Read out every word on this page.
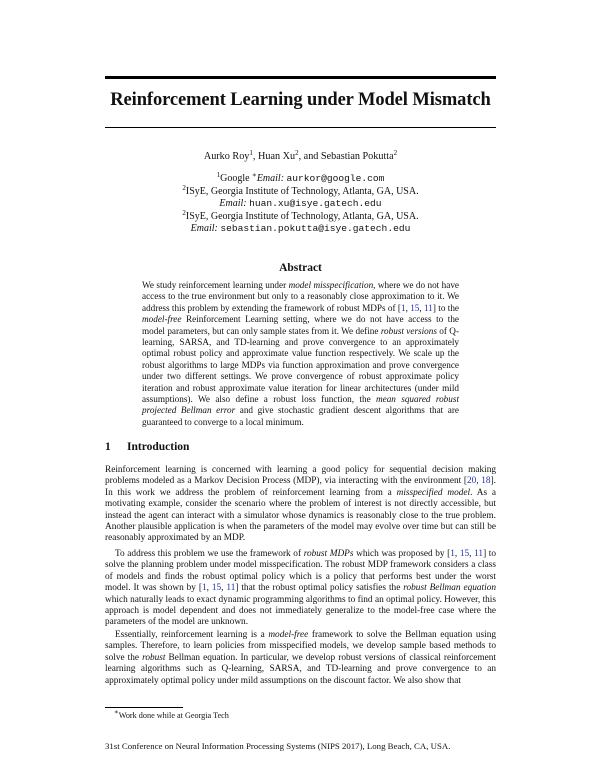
Reinforcement Learning under Model Mismatch
Aurko Roy$^1$, Huan Xu$^2$, and Sebastian Pokutta$^2$
$^1$Google ∗Email: aurkor@google.com
$^2$ISyE, Georgia Institute of Technology, Atlanta, GA, USA.
Email: huan.xu@isye.gatech.edu
$^2$ISyE, Georgia Institute of Technology, Atlanta, GA, USA.
Email: sebastian.pokutta@isye.gatech.edu
Abstract
We study reinforcement learning under model misspecification, where we do not have access to the true environment but only to a reasonably close approximation to it. We address this problem by extending the framework of robust MDPs of [1, 15, 11] to the model-free Reinforcement Learning setting, where we do not have access to the model parameters, but can only sample states from it. We define robust versions of Q-learning, SARSA, and TD-learning and prove convergence to an approximately optimal robust policy and approximate value function respectively. We scale up the robust algorithms to large MDPs via function approximation and prove convergence under two different settings. We prove convergence of robust approximate policy iteration and robust approximate value iteration for linear architectures (under mild assumptions). We also define a robust loss function, the mean squared robust projected Bellman error and give stochastic gradient descent algorithms that are guaranteed to converge to a local minimum.
1 Introduction
Reinforcement learning is concerned with learning a good policy for sequential decision making problems modeled as a Markov Decision Process (MDP), via interacting with the environment [20, 18]. In this work we address the problem of reinforcement learning from a misspecified model. As a motivating example, consider the scenario where the problem of interest is not directly accessible, but instead the agent can interact with a simulator whose dynamics is reasonably close to the true problem. Another plausible application is when the parameters of the model may evolve over time but can still be reasonably approximated by an MDP.
To address this problem we use the framework of robust MDPs which was proposed by [1, 15, 11] to solve the planning problem under model misspecification. The robust MDP framework considers a class of models and finds the robust optimal policy which is a policy that performs best under the worst model. It was shown by [1, 15, 11] that the robust optimal policy satisfies the robust Bellman equation which naturally leads to exact dynamic programming algorithms to find an optimal policy. However, this approach is model dependent and does not immediately generalize to the model-free case where the parameters of the model are unknown.
Essentially, reinforcement learning is a model-free framework to solve the Bellman equation using samples. Therefore, to learn policies from misspecified models, we develop sample based methods to solve the robust Bellman equation. In particular, we develop robust versions of classical reinforcement learning algorithms such as Q-learning, SARSA, and TD-learning and prove convergence to an approximately optimal policy under mild assumptions on the discount factor. We also show that
∗Work done while at Georgia Tech
31st Conference on Neural Information Processing Systems (NIPS 2017), Long Beach, CA, USA.
